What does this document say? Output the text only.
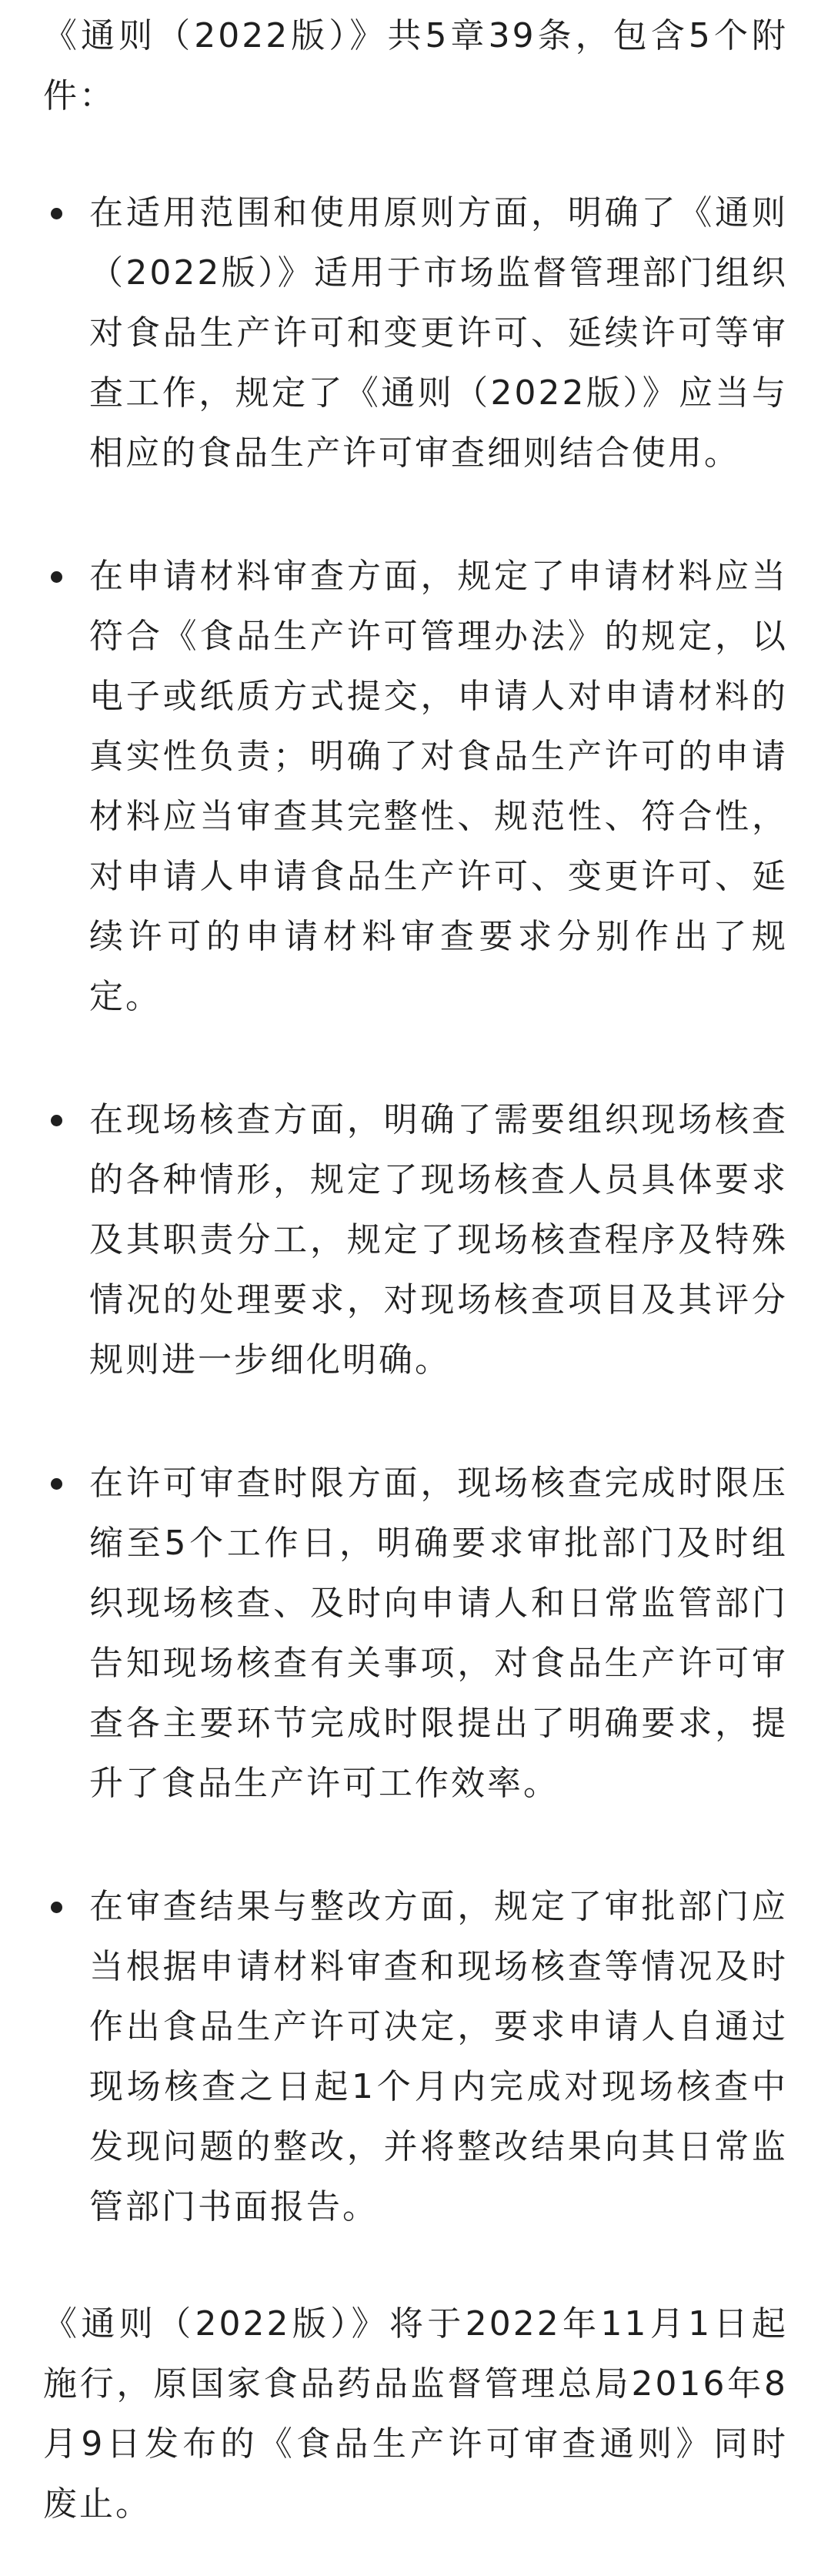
《通则（2022版）》共5章39条，包含5个附件：

在适用范围和使用原则方面，明确了《通则（2022版）》适用于市场监督管理部门组织对食品生产许可和变更许可、延续许可等审查工作，规定了《通则（2022版）》应当与相应的食品生产许可审查细则结合使用。
在申请材料审查方面，规定了申请材料应当符合《食品生产许可管理办法》的规定，以电子或纸质方式提交，申请人对申请材料的真实性负责；明确了对食品生产许可的申请材料应当审查其完整性、规范性、符合性，对申请人申请食品生产许可、变更许可、延续许可的申请材料审查要求分别作出了规定。
在现场核查方面，明确了需要组织现场核查的各种情形，规定了现场核查人员具体要求及其职责分工，规定了现场核查程序及特殊情况的处理要求，对现场核查项目及其评分规则进一步细化明确。
在许可审查时限方面，现场核查完成时限压缩至5个工作日，明确要求审批部门及时组织现场核查、及时向申请人和日常监管部门告知现场核查有关事项，对食品生产许可审查各主要环节完成时限提出了明确要求，提升了食品生产许可工作效率。
在审查结果与整改方面，规定了审批部门应当根据申请材料审查和现场核查等情况及时作出食品生产许可决定，要求申请人自通过现场核查之日起1个月内完成对现场核查中发现问题的整改，并将整改结果向其日常监管部门书面报告。

《通则（2022版）》将于2022年11月1日起施行，原国家食品药品监督管理总局2016年8月9日发布的《食品生产许可审查通则》同时废止。
